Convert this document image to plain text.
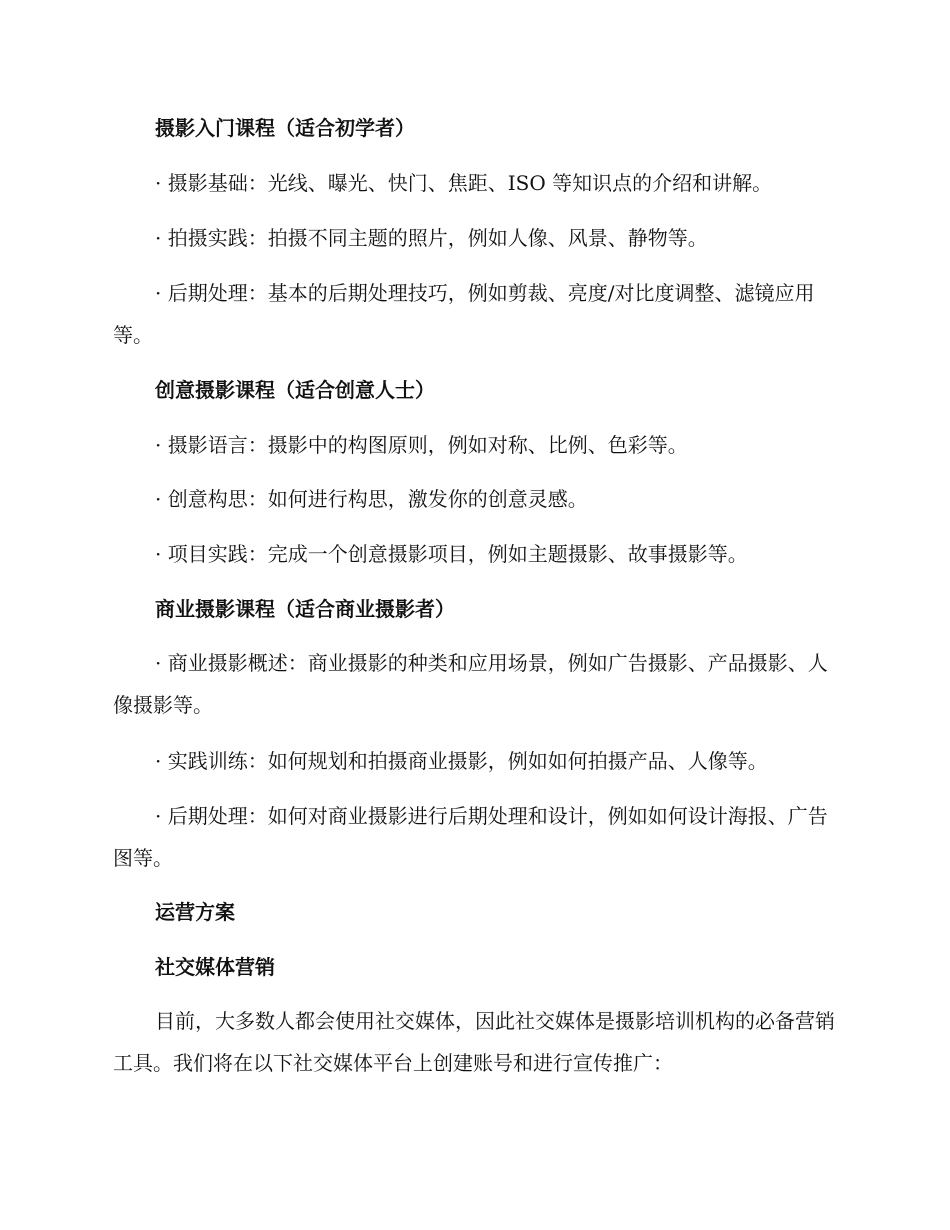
摄影入门课程（适合初学者）
· 摄影基础：光线、曝光、快门、焦距、ISO 等知识点的介绍和讲解。
· 拍摄实践：拍摄不同主题的照片，例如人像、风景、静物等。
· 后期处理：基本的后期处理技巧，例如剪裁、亮度/对比度调整、滤镜应用等。
创意摄影课程（适合创意人士）
· 摄影语言：摄影中的构图原则，例如对称、比例、色彩等。
· 创意构思：如何进行构思，激发你的创意灵感。
· 项目实践：完成一个创意摄影项目，例如主题摄影、故事摄影等。
商业摄影课程（适合商业摄影者）
· 商业摄影概述：商业摄影的种类和应用场景，例如广告摄影、产品摄影、人像摄影等。
· 实践训练：如何规划和拍摄商业摄影，例如如何拍摄产品、人像等。
· 后期处理：如何对商业摄影进行后期处理和设计，例如如何设计海报、广告图等。
运营方案
社交媒体营销
目前，大多数人都会使用社交媒体，因此社交媒体是摄影培训机构的必备营销工具。我们将在以下社交媒体平台上创建账号和进行宣传推广：
